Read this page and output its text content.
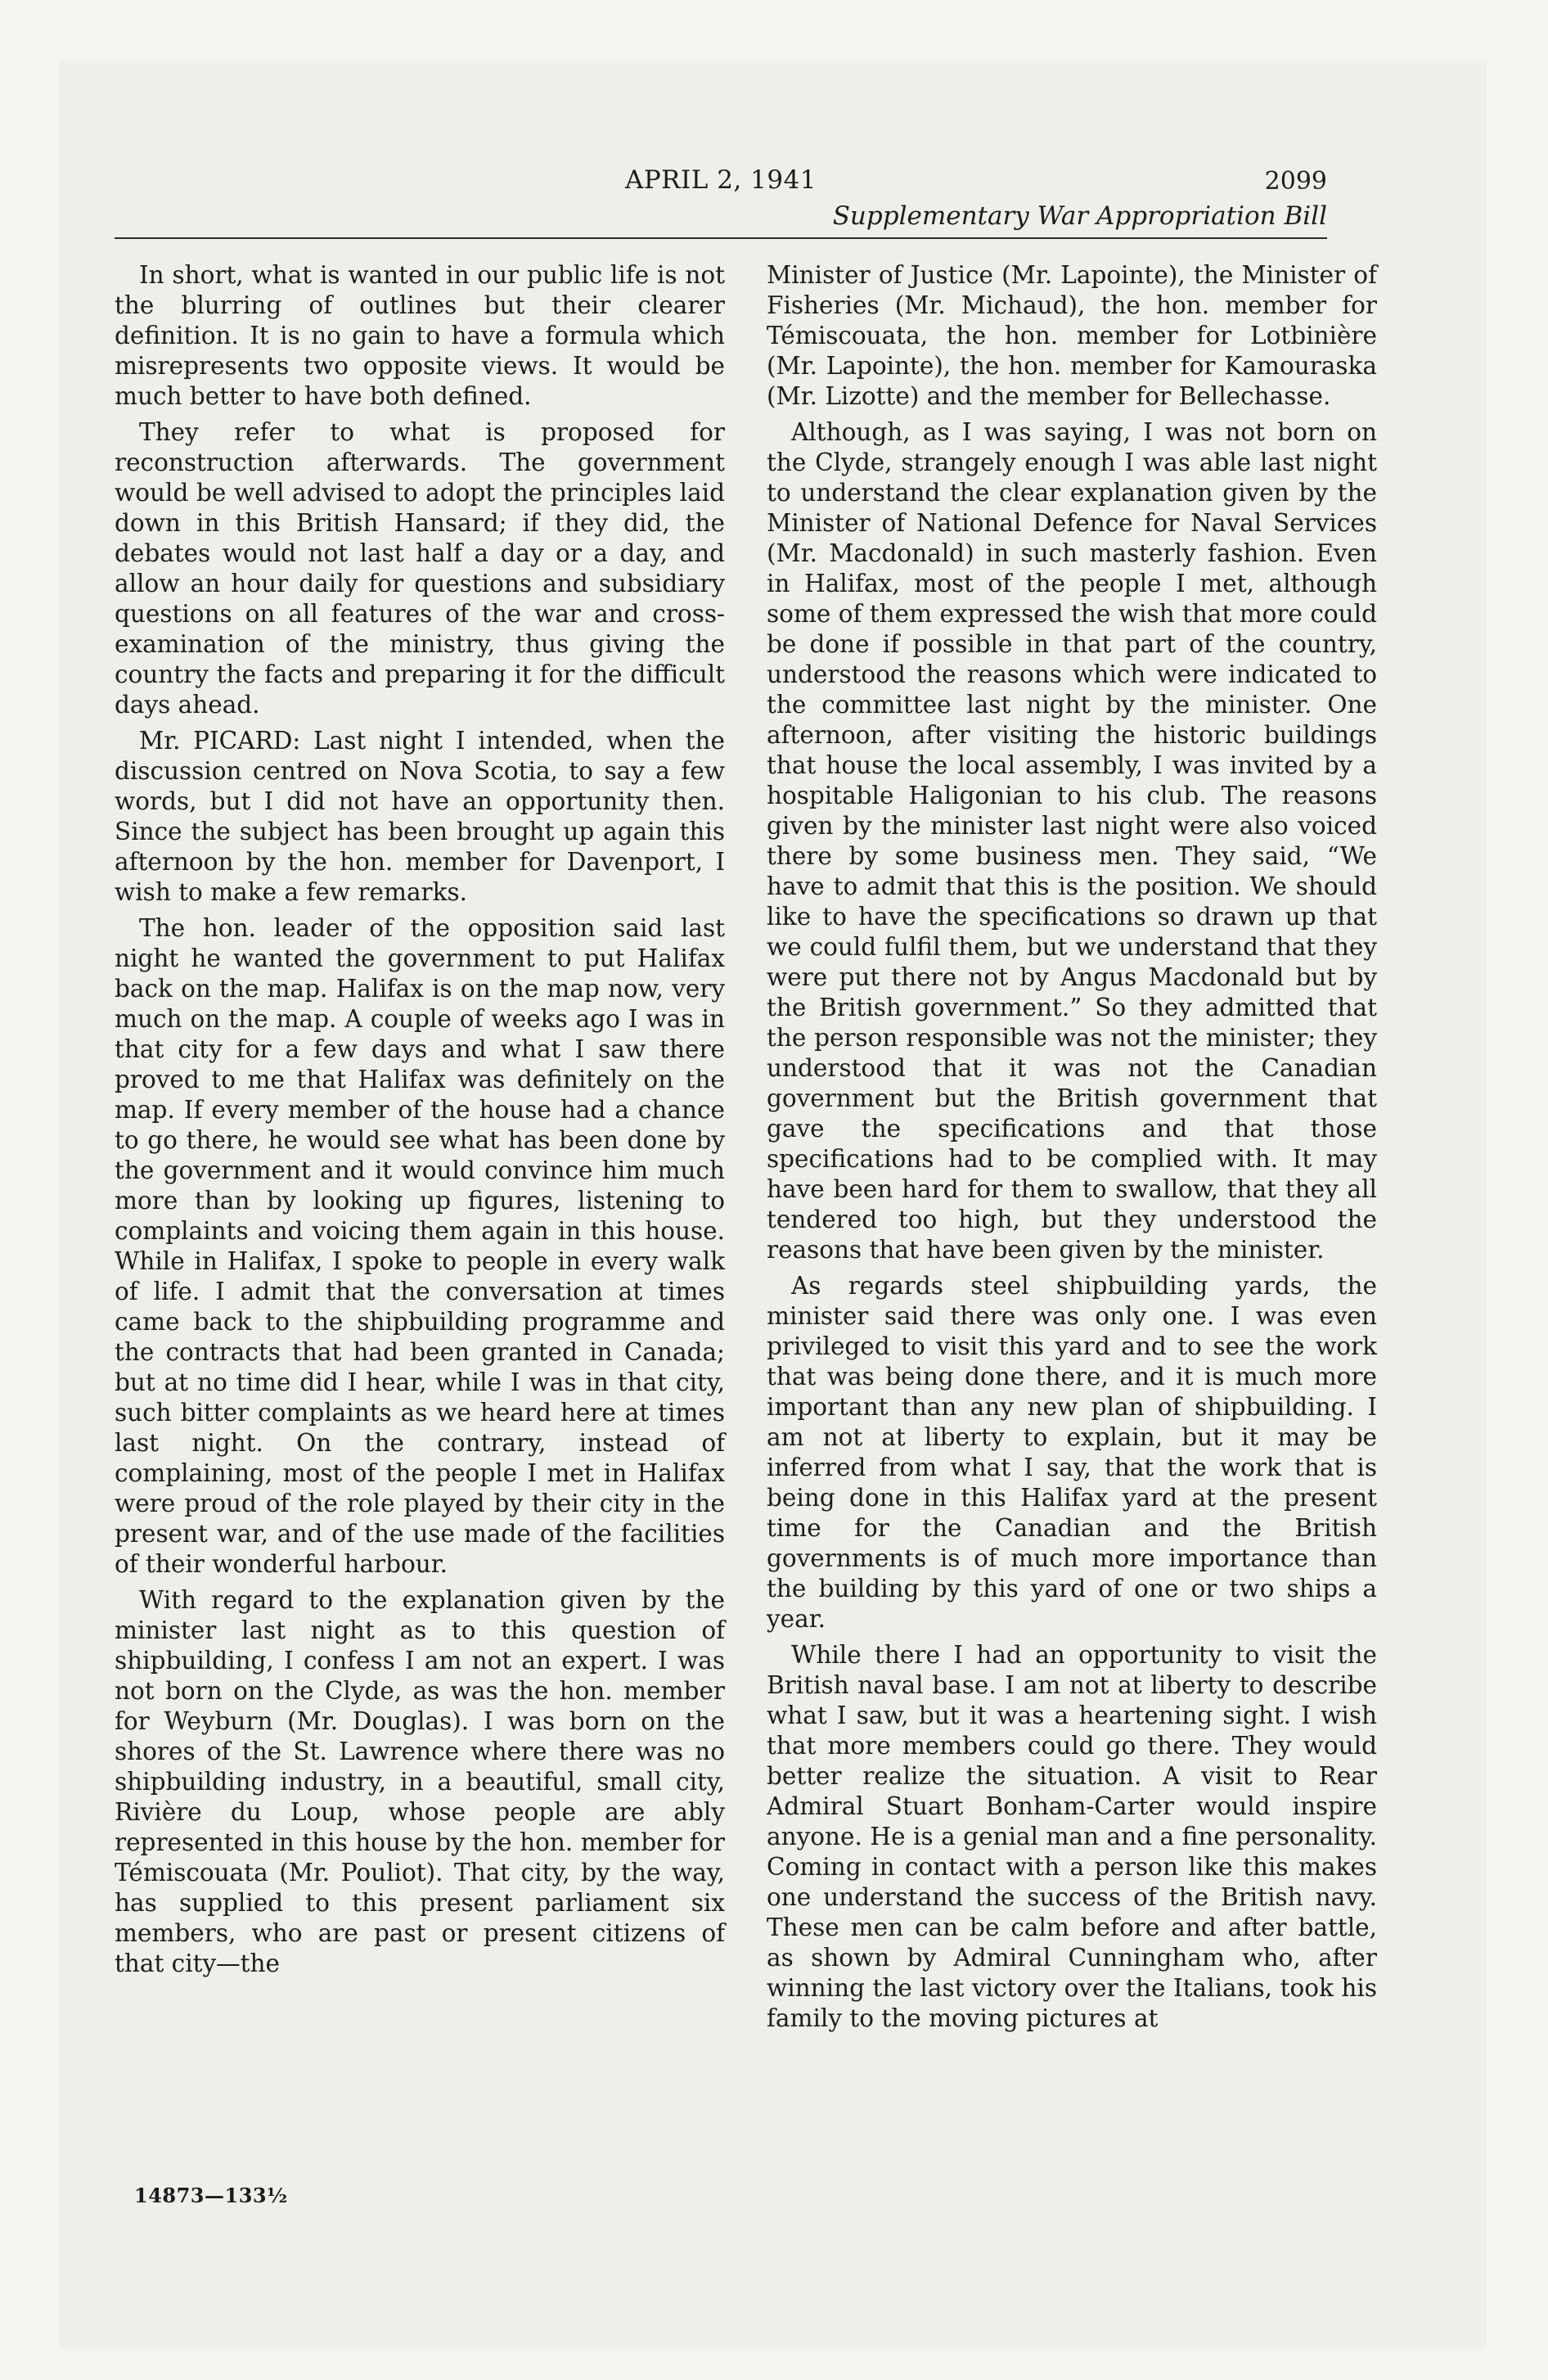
APRIL 2, 1941	2099
Supplementary War Appropriation Bill

In short, what is wanted in our public life is not the blurring of outlines but their clearer definition. It is no gain to have a formula which misrepresents two opposite views. It would be much better to have both defined.

They refer to what is proposed for reconstruction afterwards. The government would be well advised to adopt the principles laid down in this British Hansard; if they did, the debates would not last half a day or a day, and allow an hour daily for questions and subsidiary questions on all features of the war and cross-examination of the ministry, thus giving the country the facts and preparing it for the difficult days ahead.

Mr. PICARD: Last night I intended, when the discussion centred on Nova Scotia, to say a few words, but I did not have an opportunity then. Since the subject has been brought up again this afternoon by the hon. member for Davenport, I wish to make a few remarks.

The hon. leader of the opposition said last night he wanted the government to put Halifax back on the map. Halifax is on the map now, very much on the map. A couple of weeks ago I was in that city for a few days and what I saw there proved to me that Halifax was definitely on the map. If every member of the house had a chance to go there, he would see what has been done by the government and it would convince him much more than by looking up figures, listening to complaints and voicing them again in this house. While in Halifax, I spoke to people in every walk of life. I admit that the conversation at times came back to the shipbuilding programme and the contracts that had been granted in Canada; but at no time did I hear, while I was in that city, such bitter complaints as we heard here at times last night. On the contrary, instead of complaining, most of the people I met in Halifax were proud of the role played by their city in the present war, and of the use made of the facilities of their wonderful harbour.

With regard to the explanation given by the minister last night as to this question of shipbuilding, I confess I am not an expert. I was not born on the Clyde, as was the hon. member for Weyburn (Mr. Douglas). I was born on the shores of the St. Lawrence where there was no shipbuilding industry, in a beautiful, small city, Rivière du Loup, whose people are ably represented in this house by the hon. member for Témiscouata (Mr. Pouliot). That city, by the way, has supplied to this present parliament six members, who are past or present citizens of that city—the

Minister of Justice (Mr. Lapointe), the Minister of Fisheries (Mr. Michaud), the hon. member for Témiscouata, the hon. member for Lotbinière (Mr. Lapointe), the hon. member for Kamouraska (Mr. Lizotte) and the member for Bellechasse.

Although, as I was saying, I was not born on the Clyde, strangely enough I was able last night to understand the clear explanation given by the Minister of National Defence for Naval Services (Mr. Macdonald) in such masterly fashion. Even in Halifax, most of the people I met, although some of them expressed the wish that more could be done if possible in that part of the country, understood the reasons which were indicated to the committee last night by the minister. One afternoon, after visiting the historic buildings that house the local assembly, I was invited by a hospitable Haligonian to his club. The reasons given by the minister last night were also voiced there by some business men. They said, “We have to admit that this is the position. We should like to have the specifications so drawn up that we could fulfil them, but we understand that they were put there not by Angus Macdonald but by the British government.” So they admitted that the person responsible was not the minister; they understood that it was not the Canadian government but the British government that gave the specifications and that those specifications had to be complied with. It may have been hard for them to swallow, that they all tendered too high, but they understood the reasons that have been given by the minister.

As regards steel shipbuilding yards, the minister said there was only one. I was even privileged to visit this yard and to see the work that was being done there, and it is much more important than any new plan of shipbuilding. I am not at liberty to explain, but it may be inferred from what I say, that the work that is being done in this Halifax yard at the present time for the Canadian and the British governments is of much more importance than the building by this yard of one or two ships a year.

While there I had an opportunity to visit the British naval base. I am not at liberty to describe what I saw, but it was a heartening sight. I wish that more members could go there. They would better realize the situation. A visit to Rear Admiral Stuart Bonham-Carter would inspire anyone. He is a genial man and a fine personality. Coming in contact with a person like this makes one understand the success of the British navy. These men can be calm before and after battle, as shown by Admiral Cunningham who, after winning the last victory over the Italians, took his family to the moving pictures at

14873—133½
